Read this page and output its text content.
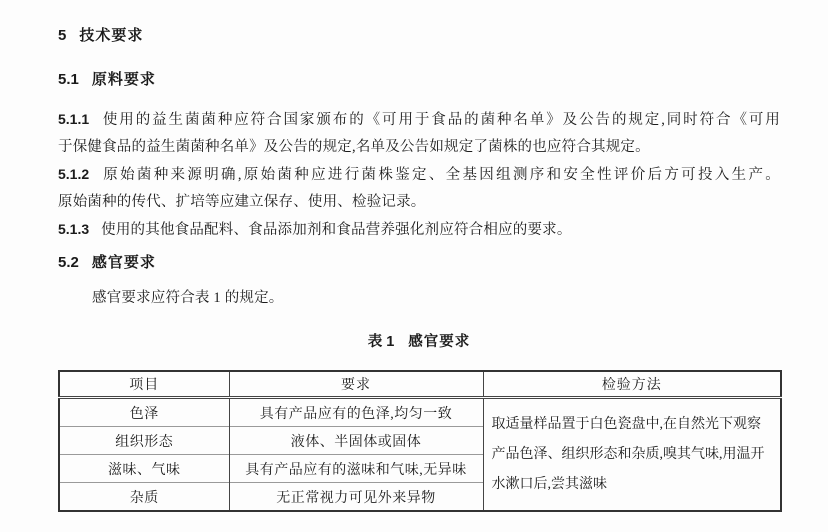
5 技术要求
5.1 原料要求
5.1.1 使用的益生菌菌种应符合国家颁布的《可用于食品的菌种名单》及公告的规定,同时符合《可用
于保健食品的益生菌菌种名单》及公告的规定,名单及公告如规定了菌株的也应符合其规定。
5.1.2 原始菌种来源明确,原始菌种应进行菌株鉴定、全基因组测序和安全性评价后方可投入生产。
原始菌种的传代、扩培等应建立保存、使用、检验记录。
5.1.3 使用的其他食品配料、食品添加剂和食品营养强化剂应符合相应的要求。
5.2 感官要求
感官要求应符合表 1 的规定。
表 1 感官要求
项目	要求	检验方法
色泽	具有产品应有的色泽,均匀一致	取适量样品置于白色瓷盘中,在自然光下观察
产品色泽、组织形态和杂质,嗅其气味,用温开
水漱口后,尝其滋味

组织形态	液体、半固体或固体	
滋味、气味	具有产品应有的滋味和气味,无异味	
杂质	无正常视力可见外来异物	
